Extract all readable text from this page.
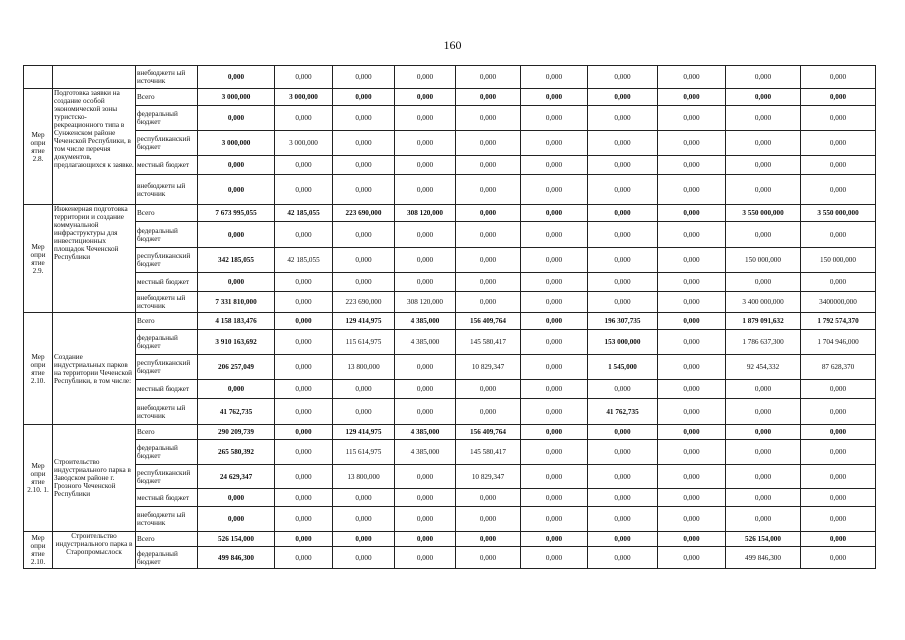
160
		внебюджетн ый источник	0,000	0,000	0,000	0,000	0,000	0,000	0,000	0,000	0,000	0,000
Мер опри ятие 2.8.	Подготовка заявки на создание особой экономической зоны туристско-рекреационного типа в Сунженском районе Чеченской Республики, в том числе перечня документов, предлагающихся к заявке.	Всего	3 000,000	3 000,000	0,000	0,000	0,000	0,000	0,000	0,000	0,000	0,000
		федеральный бюджет	0,000	0,000	0,000	0,000	0,000	0,000	0,000	0,000	0,000	0,000
		республиканский бюджет	3 000,000	3 000,000	0,000	0,000	0,000	0,000	0,000	0,000	0,000	0,000
		местный бюджет	0,000	0,000	0,000	0,000	0,000	0,000	0,000	0,000	0,000	0,000
		внебюджетн ый источник	0,000	0,000	0,000	0,000	0,000	0,000	0,000	0,000	0,000	0,000
Мер опри ятие 2.9.	Инженерная подготовка территории и создание коммунальной инфраструктуры для инвестиционных площадок Чеченской Республики	Всего	7 673 995,055	42 185,055	223 690,000	308 120,000	0,000	0,000	0,000	0,000	3 550 000,000	3 550 000,000
		федеральный бюджет	0,000	0,000	0,000	0,000	0,000	0,000	0,000	0,000	0,000	0,000
		республиканский бюджет	342 185,055	42 185,055	0,000	0,000	0,000	0,000	0,000	0,000	150 000,000	150 000,000
		местный бюджет	0,000	0,000	0,000	0,000	0,000	0,000	0,000	0,000	0,000	0,000
		внебюджетн ый источник	7 331 810,000	0,000	223 690,000	308 120,000	0,000	0,000	0,000	0,000	3 400 000,000	3400000,000
Мер опри ятие 2.10.	Создание индустриальных парков на территории Чеченской Республики, в том числе:	Всего	4 158 183,476	0,000	129 414,975	4 385,000	156 409,764	0,000	196 307,735	0,000	1 879 091,632	1 792 574,370
		федеральный бюджет	3 910 163,692	0,000	115 614,975	4 385,000	145 580,417	0,000	153 000,000	0,000	1 786 637,300	1 704 946,000
		республиканский бюджет	206 257,049	0,000	13 800,000	0,000	10 829,347	0,000	1 545,000	0,000	92 454,332	87 628,370
		местный бюджет	0,000	0,000	0,000	0,000	0,000	0,000	0,000	0,000	0,000	0,000
		внебюджетн ый источник	41 762,735	0,000	0,000	0,000	0,000	0,000	41 762,735	0,000	0,000	0,000
Мер опри ятие 2.10. 1.	Строительство индустриального парка в Заводском районе г. Грозного Чеченской Республики	Всего	290 209,739	0,000	129 414,975	4 385,000	156 409,764	0,000	0,000	0,000	0,000	0,000
		федеральный бюджет	265 580,392	0,000	115 614,975	4 385,000	145 580,417	0,000	0,000	0,000	0,000	0,000
		республиканский бюджет	24 629,347	0,000	13 800,000	0,000	10 829,347	0,000	0,000	0,000	0,000	0,000
		местный бюджет	0,000	0,000	0,000	0,000	0,000	0,000	0,000	0,000	0,000	0,000
		внебюджетн ый источник	0,000	0,000	0,000	0,000	0,000	0,000	0,000	0,000	0,000	0,000
Мер опри ятие 2.10.	Строительство индустриального парка в Старопромыслоск	Всего	526 154,000	0,000	0,000	0,000	0,000	0,000	0,000	0,000	526 154,000	0,000
		федеральный бюджет	499 846,300	0,000	0,000	0,000	0,000	0,000	0,000	0,000	499 846,300	0,000
